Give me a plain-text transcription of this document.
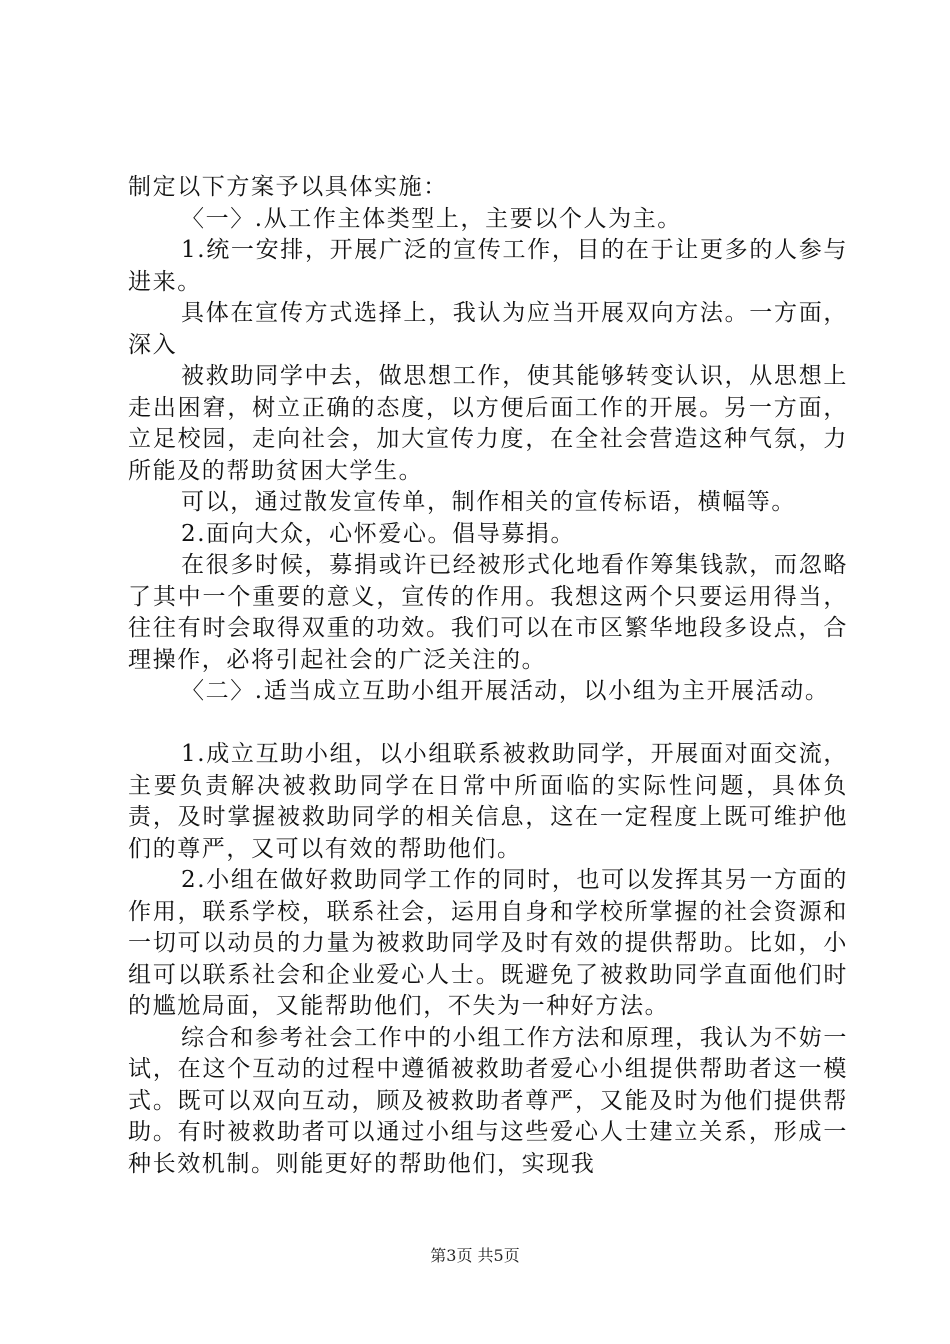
制定以下方案予以具体实施：

〈一〉.从工作主体类型上，主要以个人为主。

1.统一安排，开展广泛的宣传工作，目的在于让更多的人参与进来。

具体在宣传方式选择上，我认为应当开展双向方法。一方面，深入

被救助同学中去，做思想工作，使其能够转变认识，从思想上走出困窘，树立正确的态度，以方便后面工作的开展。另一方面，立足校园，走向社会，加大宣传力度，在全社会营造这种气氛，力所能及的帮助贫困大学生。

可以，通过散发宣传单，制作相关的宣传标语，横幅等。

2.面向大众，心怀爱心。倡导募捐。

在很多时候，募捐或许已经被形式化地看作筹集钱款，而忽略了其中一个重要的意义，宣传的作用。我想这两个只要运用得当，往往有时会取得双重的功效。我们可以在市区繁华地段多设点，合理操作，必将引起社会的广泛关注的。

〈二〉.适当成立互助小组开展活动，以小组为主开展活动。

1.成立互助小组，以小组联系被救助同学，开展面对面交流，主要负责解决被救助同学在日常中所面临的实际性问题，具体负责，及时掌握被救助同学的相关信息，这在一定程度上既可维护他们的尊严，又可以有效的帮助他们。

2.小组在做好救助同学工作的同时，也可以发挥其另一方面的作用，联系学校，联系社会，运用自身和学校所掌握的社会资源和一切可以动员的力量为被救助同学及时有效的提供帮助。比如，小组可以联系社会和企业爱心人士。既避免了被救助同学直面他们时的尴尬局面，又能帮助他们，不失为一种好方法。

综合和参考社会工作中的小组工作方法和原理，我认为不妨一试，在这个互动的过程中遵循被救助者爱心小组提供帮助者这一模式。既可以双向互动，顾及被救助者尊严，又能及时为他们提供帮助。有时被救助者可以通过小组与这些爱心人士建立关系，形成一种长效机制。则能更好的帮助他们，实现我

第3页 共5页
